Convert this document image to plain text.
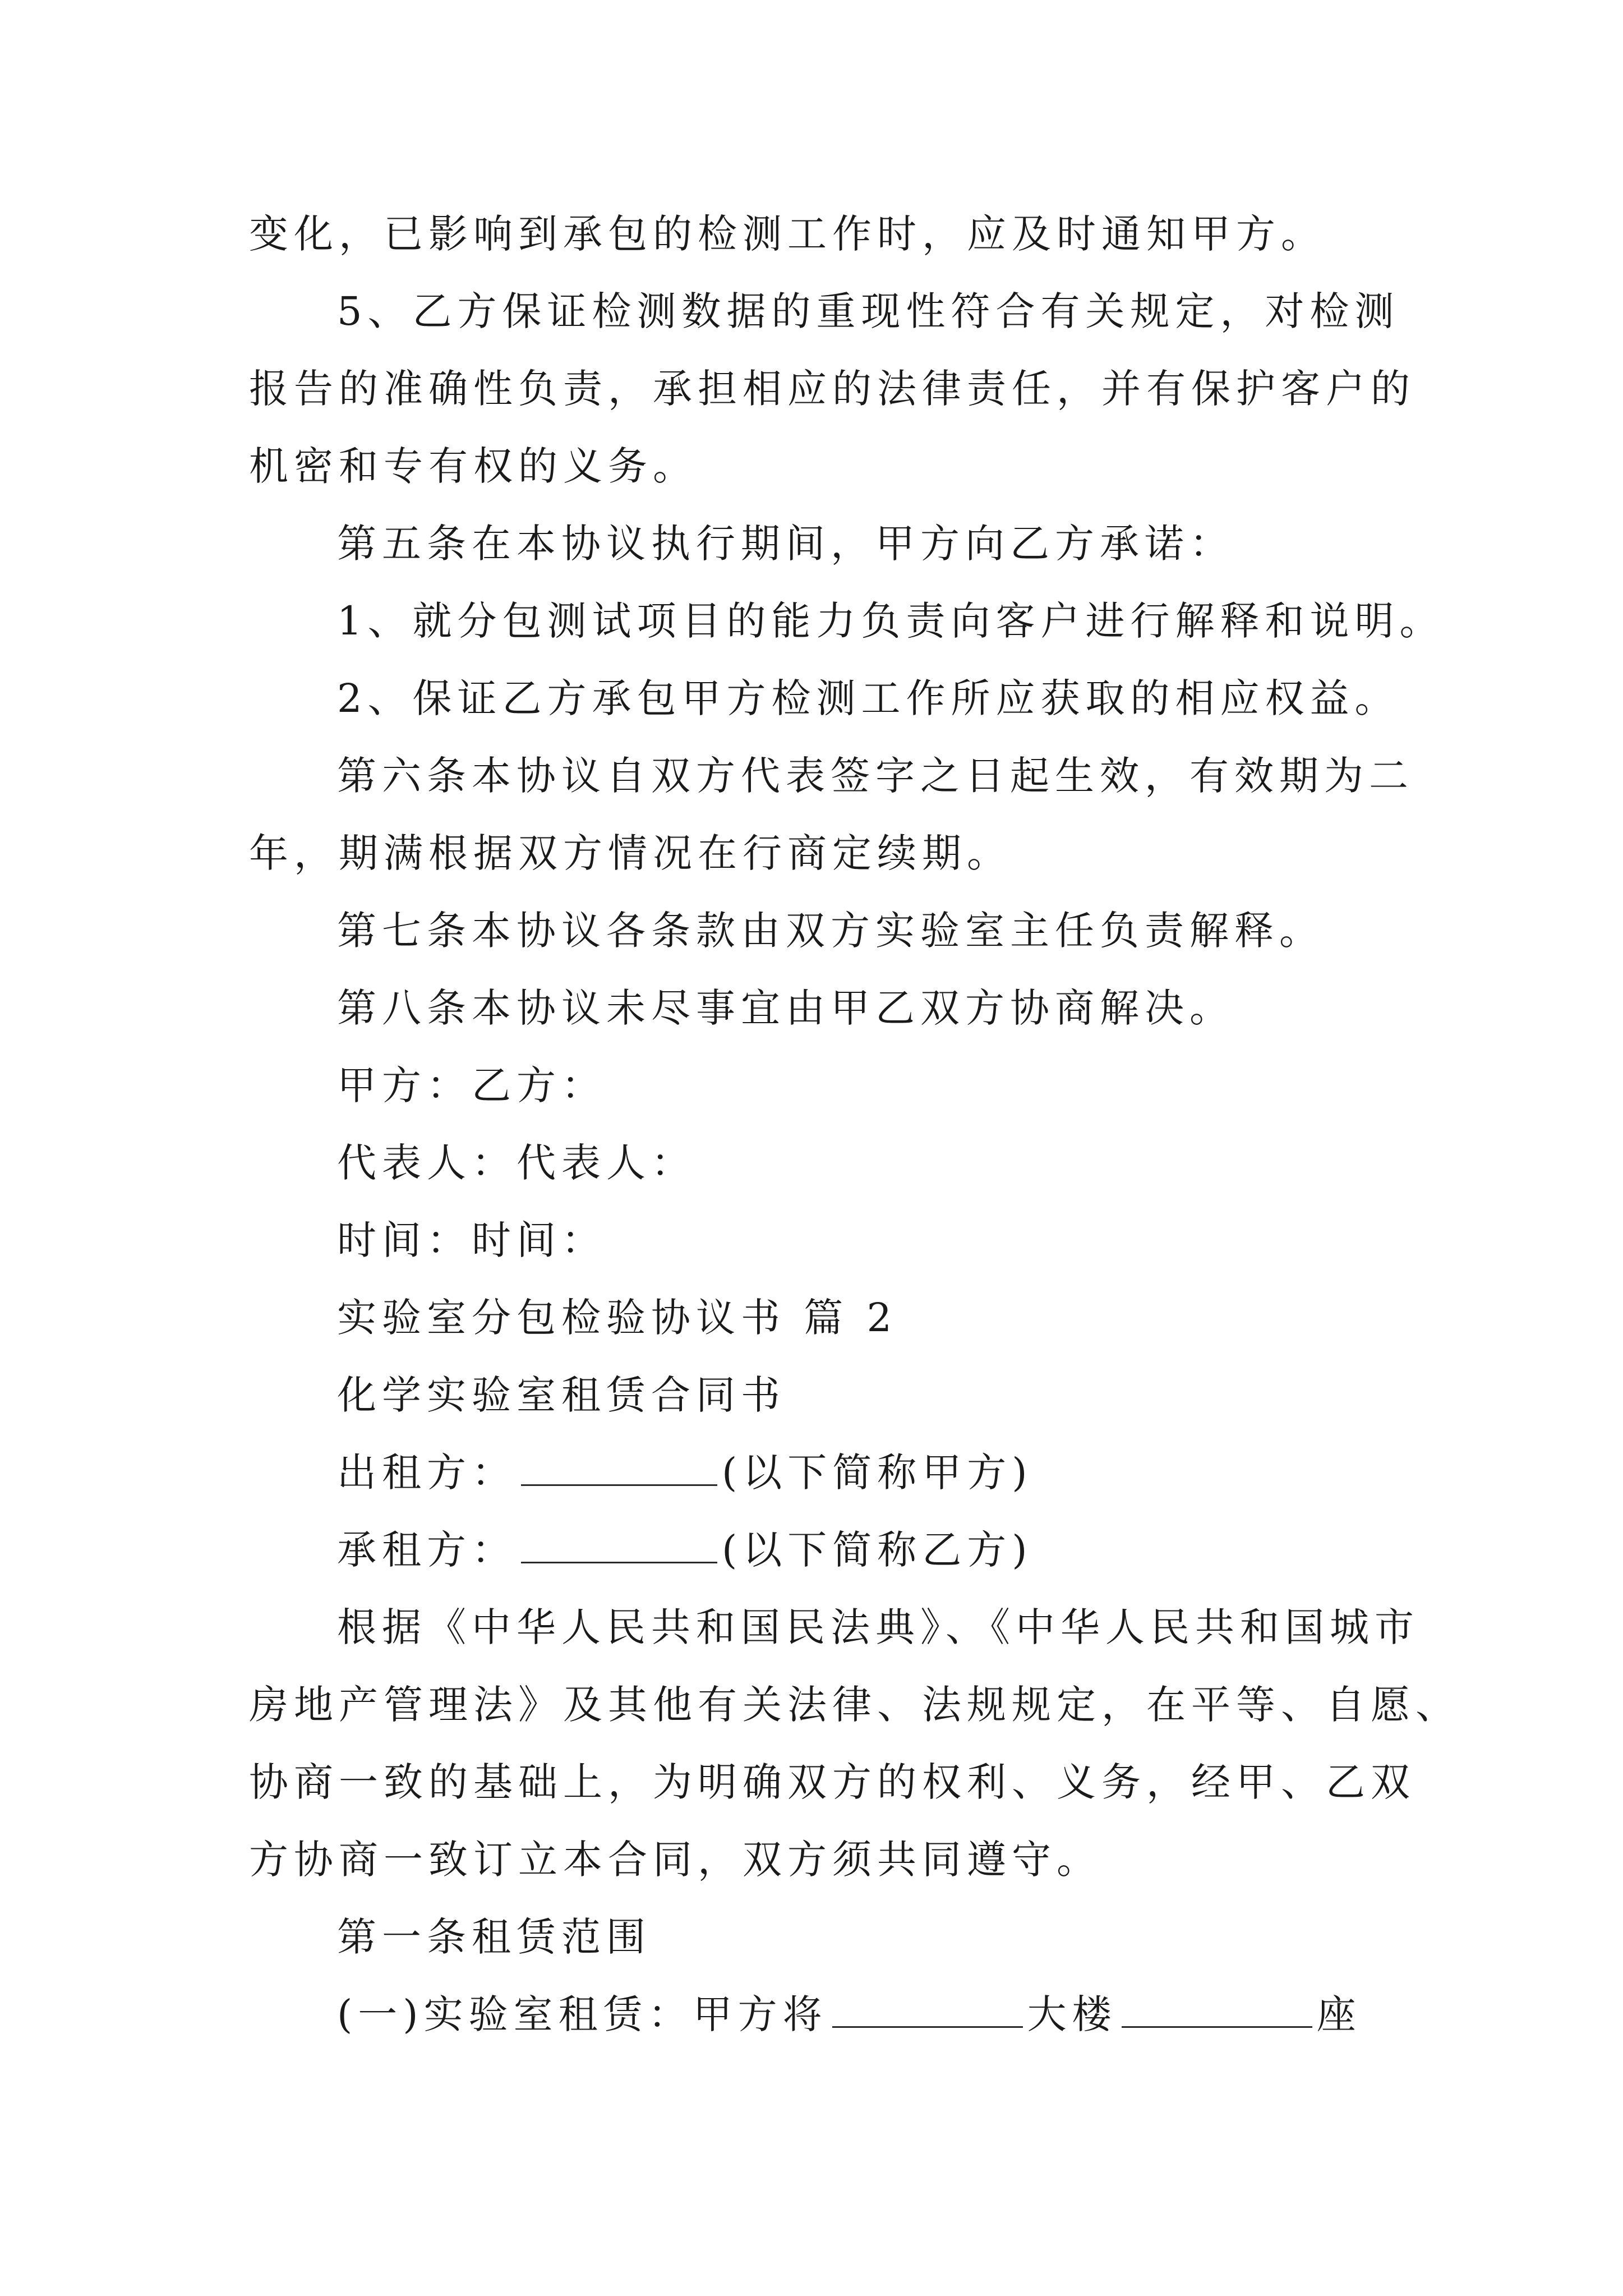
变化，已影响到承包的检测工作时，应及时通知甲方。
5、乙方保证检测数据的重现性符合有关规定，对检测
报告的准确性负责，承担相应的法律责任，并有保护客户的
机密和专有权的义务。
第五条在本协议执行期间，甲方向乙方承诺：
1、就分包测试项目的能力负责向客户进行解释和说明。
2、保证乙方承包甲方检测工作所应获取的相应权益。
第六条本协议自双方代表签字之日起生效，有效期为二
年，期满根据双方情况在行商定续期。
第七条本协议各条款由双方实验室主任负责解释。
第八条本协议未尽事宜由甲乙双方协商解决。
甲方：乙方：
代表人：代表人：
时间：时间：
实验室分包检验协议书 篇 2
化学实验室租赁合同书
出租方：	(以下简称甲方)
承租方：	(以下简称乙方)
根据《中华人民共和国民法典》、《中华人民共和国城市
房地产管理法》及其他有关法律、法规规定，在平等、自愿、
协商一致的基础上，为明确双方的权利、义务，经甲、乙双
方协商一致订立本合同，双方须共同遵守。
第一条租赁范围
(一)实验室租赁：甲方将	大楼	座
